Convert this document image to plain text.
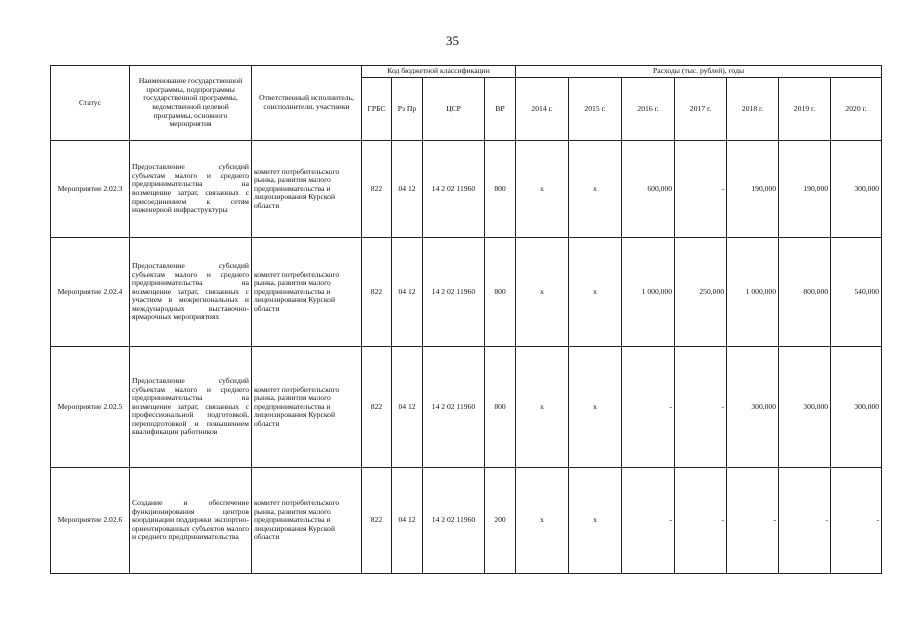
35
Статус	Наименование государственной программы, подпрограммы государственной программы, ведомственной целевой программы, основного мероприятия	Ответственный исполнитель, соисполнители, участники	Код бюджетной классификации				Расходы (тыс. рублей), годы						
			ГРБС	Рз Пр	ЦСР	ВР	2014 г.	2015 г.	2016 г.	2017 г.	2018 г.	2019 г.	2020 г.
Мероприятие 2.02.3	Предоставление субсидий субъектам малого и среднего предпринимательства на возмещение затрат, связанных с присоединением к сетям инженерной инфраструктуры	комитет потребительского рынка, развития малого предпринимательства и лицензирования Курской области	822	04 12	14 2 02 11960	800	х	х	600,000	-	190,000	190,000	300,000
Мероприятие 2.02.4	Предоставление субсидий субъектам малого и среднего предпринимательства на возмещение затрат, связанных с участием в межрегиональных и международных выставочно-ярмарочных мероприятиях	комитет потребительского рынка, развития малого предпринимательства и лицензирования Курской области	822	04 12	14 2 02 11960	800	х	х	1 000,000	250,000	1 000,000	800,000	540,000
Мероприятие 2.02.5	Предоставление субсидий субъектам малого и среднего предпринимательства на возмещение затрат, связанных с профессиональной подготовкой, переподготовкой и повышением квалификации работников	комитет потребительского рынка, развития малого предпринимательства и лицензирования Курской области	822	04 12	14 2 02 11960	800	х	х	-	-	300,000	300,000	300,000
Мероприятие 2.02.6	Создание и обеспечение функционирования центров координации поддержки экспортно-ориентированных субъектов малого и среднего предпринимательства	комитет потребительского рынка, развития малого предпринимательства и лицензирования Курской области	822	04 12	14 2 02 11960	200	х	х	-	-	-	-	-
